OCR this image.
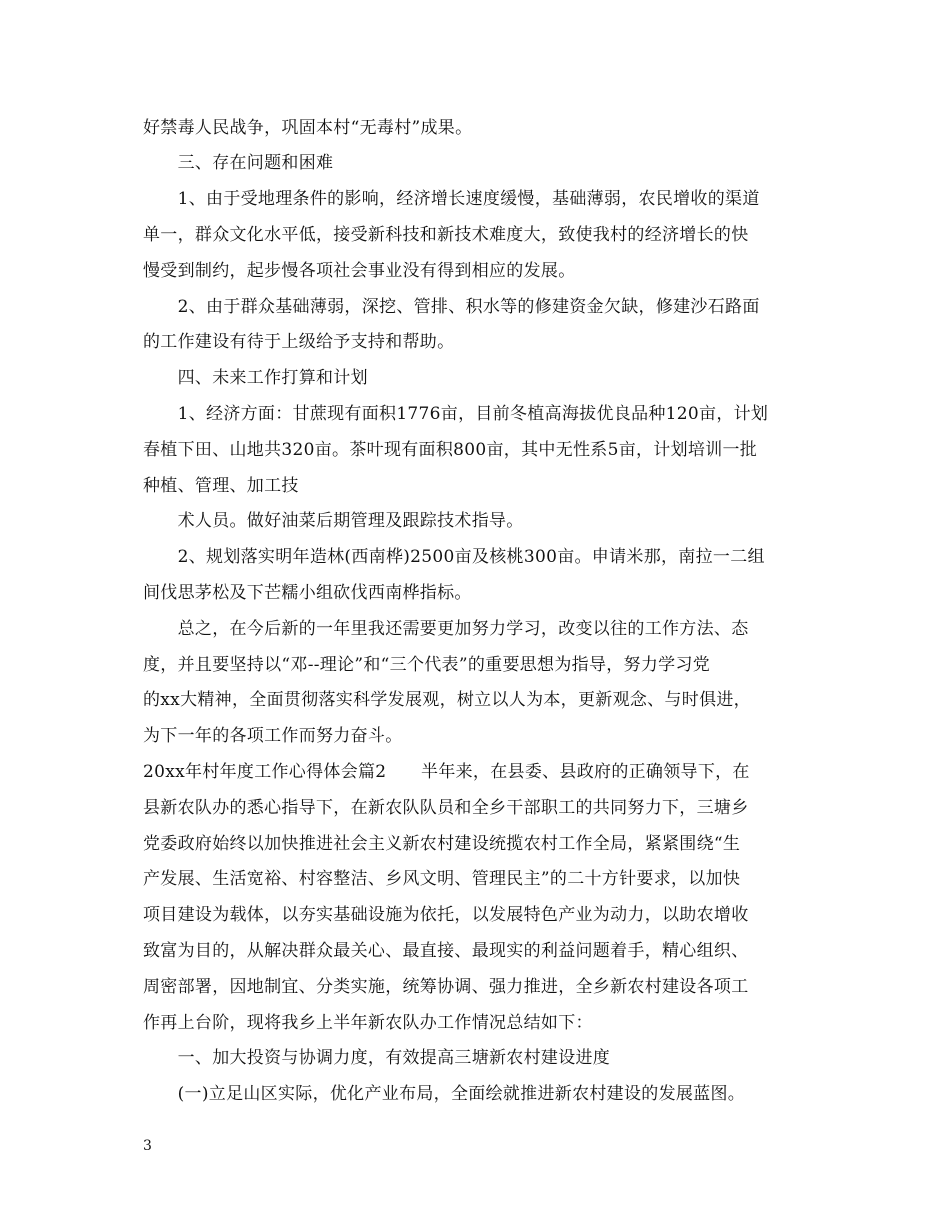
好禁毒人民战争，巩固本村“无毒村”成果。
　　三、存在问题和困难
　　1、由于受地理条件的影响，经济增长速度缓慢，基础薄弱，农民增收的渠道
单一，群众文化水平低，接受新科技和新技术难度大，致使我村的经济增长的快
慢受到制约，起步慢各项社会事业没有得到相应的发展。
　　2、由于群众基础薄弱，深挖、管排、积水等的修建资金欠缺，修建沙石路面
的工作建设有待于上级给予支持和帮助。
　　四、未来工作打算和计划
　　1、经济方面：甘蔗现有面积1776亩，目前冬植高海拔优良品种120亩，计划
春植下田、山地共320亩。茶叶现有面积800亩，其中无性系5亩，计划培训一批
种植、管理、加工技
　　术人员。做好油菜后期管理及跟踪技术指导。
　　2、规划落实明年造林(西南桦)2500亩及核桃300亩。申请米那，南拉一二组
间伐思茅松及下芒糯小组砍伐西南桦指标。
　　总之，在今后新的一年里我还需要更加努力学习，改变以往的工作方法、态
度，并且要坚持以“邓--理论”和“三个代表”的重要思想为指导，努力学习党
的xx大精神，全面贯彻落实科学发展观，树立以人为本，更新观念、与时俱进，
为下一年的各项工作而努力奋斗。
20xx年村年度工作心得体会篇2　　半年来，在县委、县政府的正确领导下，在
县新农队办的悉心指导下，在新农队队员和全乡干部职工的共同努力下，三塘乡
党委政府始终以加快推进社会主义新农村建设统揽农村工作全局，紧紧围绕“生
产发展、生活宽裕、村容整洁、乡风文明、管理民主”的二十方针要求，以加快
项目建设为载体，以夯实基础设施为依托，以发展特色产业为动力，以助农增收
致富为目的，从解决群众最关心、最直接、最现实的利益问题着手，精心组织、
周密部署，因地制宜、分类实施，统筹协调、强力推进，全乡新农村建设各项工
作再上台阶，现将我乡上半年新农队办工作情况总结如下：
　　一、加大投资与协调力度，有效提高三塘新农村建设进度
　　(一)立足山区实际，优化产业布局，全面绘就推进新农村建设的发展蓝图。
3
